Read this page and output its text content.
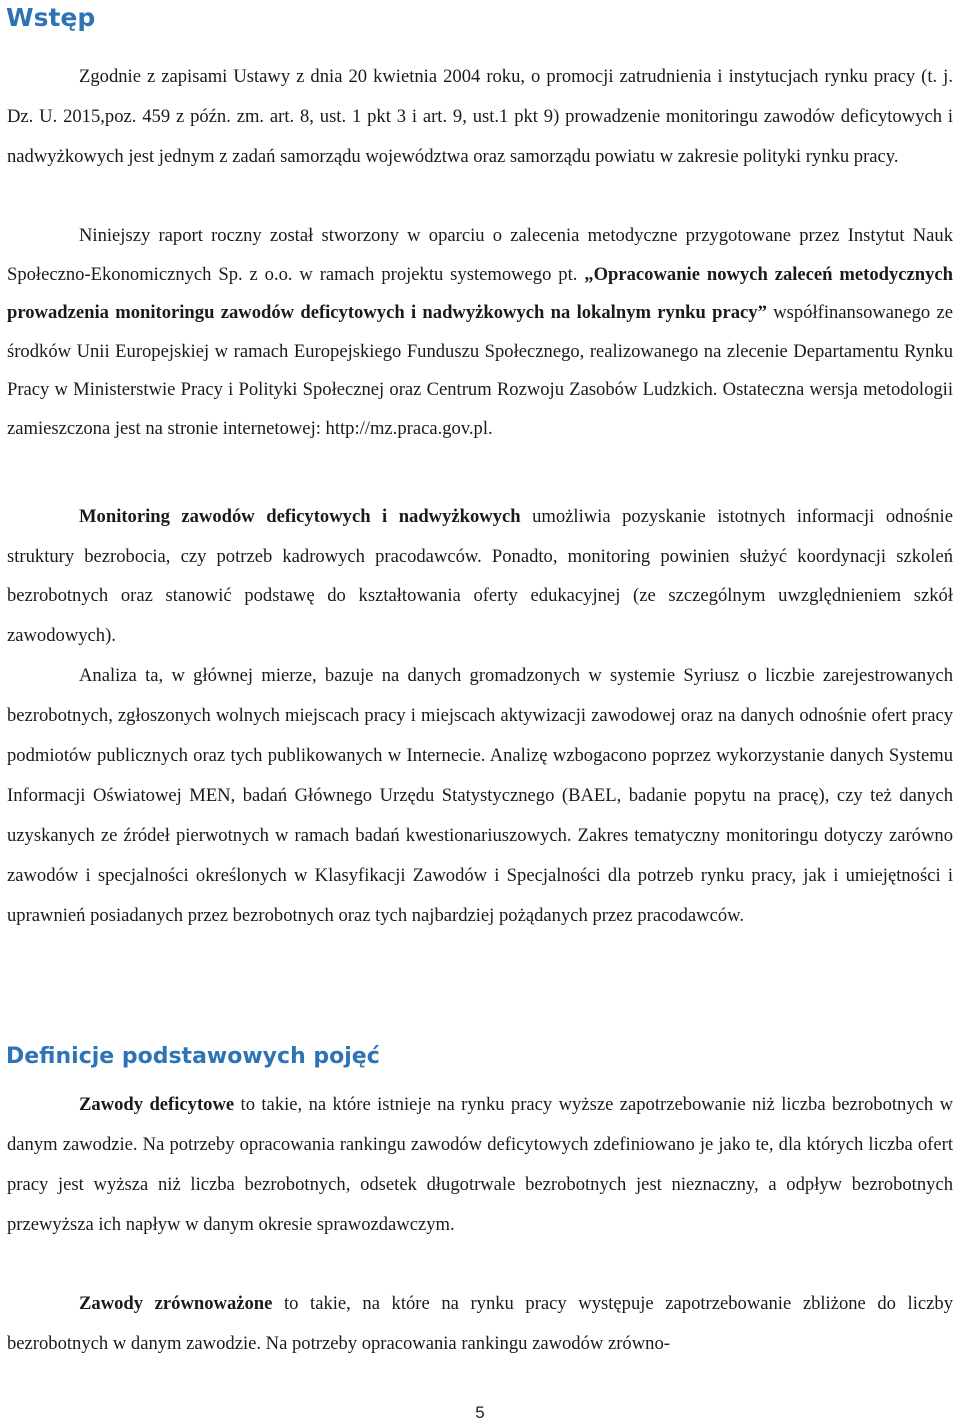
Wstęp

Zgodnie z zapisami Ustawy z dnia 20 kwietnia 2004 roku, o promocji zatrudnienia i instytucjach rynku pracy (t. j. Dz. U. 2015,poz. 459 z późn. zm. art. 8, ust. 1 pkt 3 i art. 9, ust.1 pkt 9) prowadzenie monitoringu zawodów deficytowych i nadwyżkowych jest jednym z zadań samorządu województwa oraz samorządu powiatu w zakresie polityki rynku pracy.

Niniejszy raport roczny został stworzony w oparciu o zalecenia metodyczne przygotowane przez Instytut Nauk Społeczno-Ekonomicznych Sp. z o.o. w ramach projektu systemowego pt. „Opracowanie nowych zaleceń metodycznych prowadzenia monitoringu zawodów deficytowych i nadwyżkowych na lokalnym rynku pracy” współfinansowanego ze środków Unii Europejskiej w ramach Europejskiego Funduszu Społecznego, realizowanego na zlecenie Departamentu Rynku Pracy w Ministerstwie Pracy i Polityki Społecznej oraz Centrum Rozwoju Zasobów Ludzkich. Ostateczna wersja metodologii zamieszczona jest na stronie internetowej: http://mz.praca.gov.pl.

Monitoring zawodów deficytowych i nadwyżkowych umożliwia pozyskanie istotnych informacji odnośnie struktury bezrobocia, czy potrzeb kadrowych pracodawców. Ponadto, monitoring powinien służyć koordynacji szkoleń bezrobotnych oraz stanowić podstawę do kształtowania oferty edukacyjnej (ze szczególnym uwzględnieniem szkół zawodowych).

Analiza ta, w głównej mierze, bazuje na danych gromadzonych w systemie Syriusz o liczbie zarejestrowanych bezrobotnych, zgłoszonych wolnych miejscach pracy i miejscach aktywizacji zawodowej oraz na danych odnośnie ofert pracy podmiotów publicznych oraz tych publikowanych w Internecie. Analizę wzbogacono poprzez wykorzystanie danych Systemu Informacji Oświatowej MEN, badań Głównego Urzędu Statystycznego (BAEL, badanie popytu na pracę), czy też danych uzyskanych ze źródeł pierwotnych w ramach badań kwestionariuszowych. Zakres tematyczny monitoringu dotyczy zarówno zawodów i specjalności określonych w Klasyfikacji Zawodów i Specjalności dla potrzeb rynku pracy, jak i umiejętności i uprawnień posiadanych przez bezrobotnych oraz tych najbardziej pożądanych przez pracodawców.

Definicje podstawowych pojęć

Zawody deficytowe to takie, na które istnieje na rynku pracy wyższe zapotrzebowanie niż liczba bezrobotnych w danym zawodzie. Na potrzeby opracowania rankingu zawodów deficytowych zdefiniowano je jako te, dla których liczba ofert pracy jest wyższa niż liczba bezrobotnych, odsetek długotrwale bezrobotnych jest nieznaczny, a odpływ bezrobotnych przewyższa ich napływ w danym okresie sprawozdawczym.

Zawody zrównoważone to takie, na które na rynku pracy występuje zapotrzebowanie zbliżone do liczby bezrobotnych w danym zawodzie. Na potrzeby opracowania rankingu zawodów zrówno-

5
